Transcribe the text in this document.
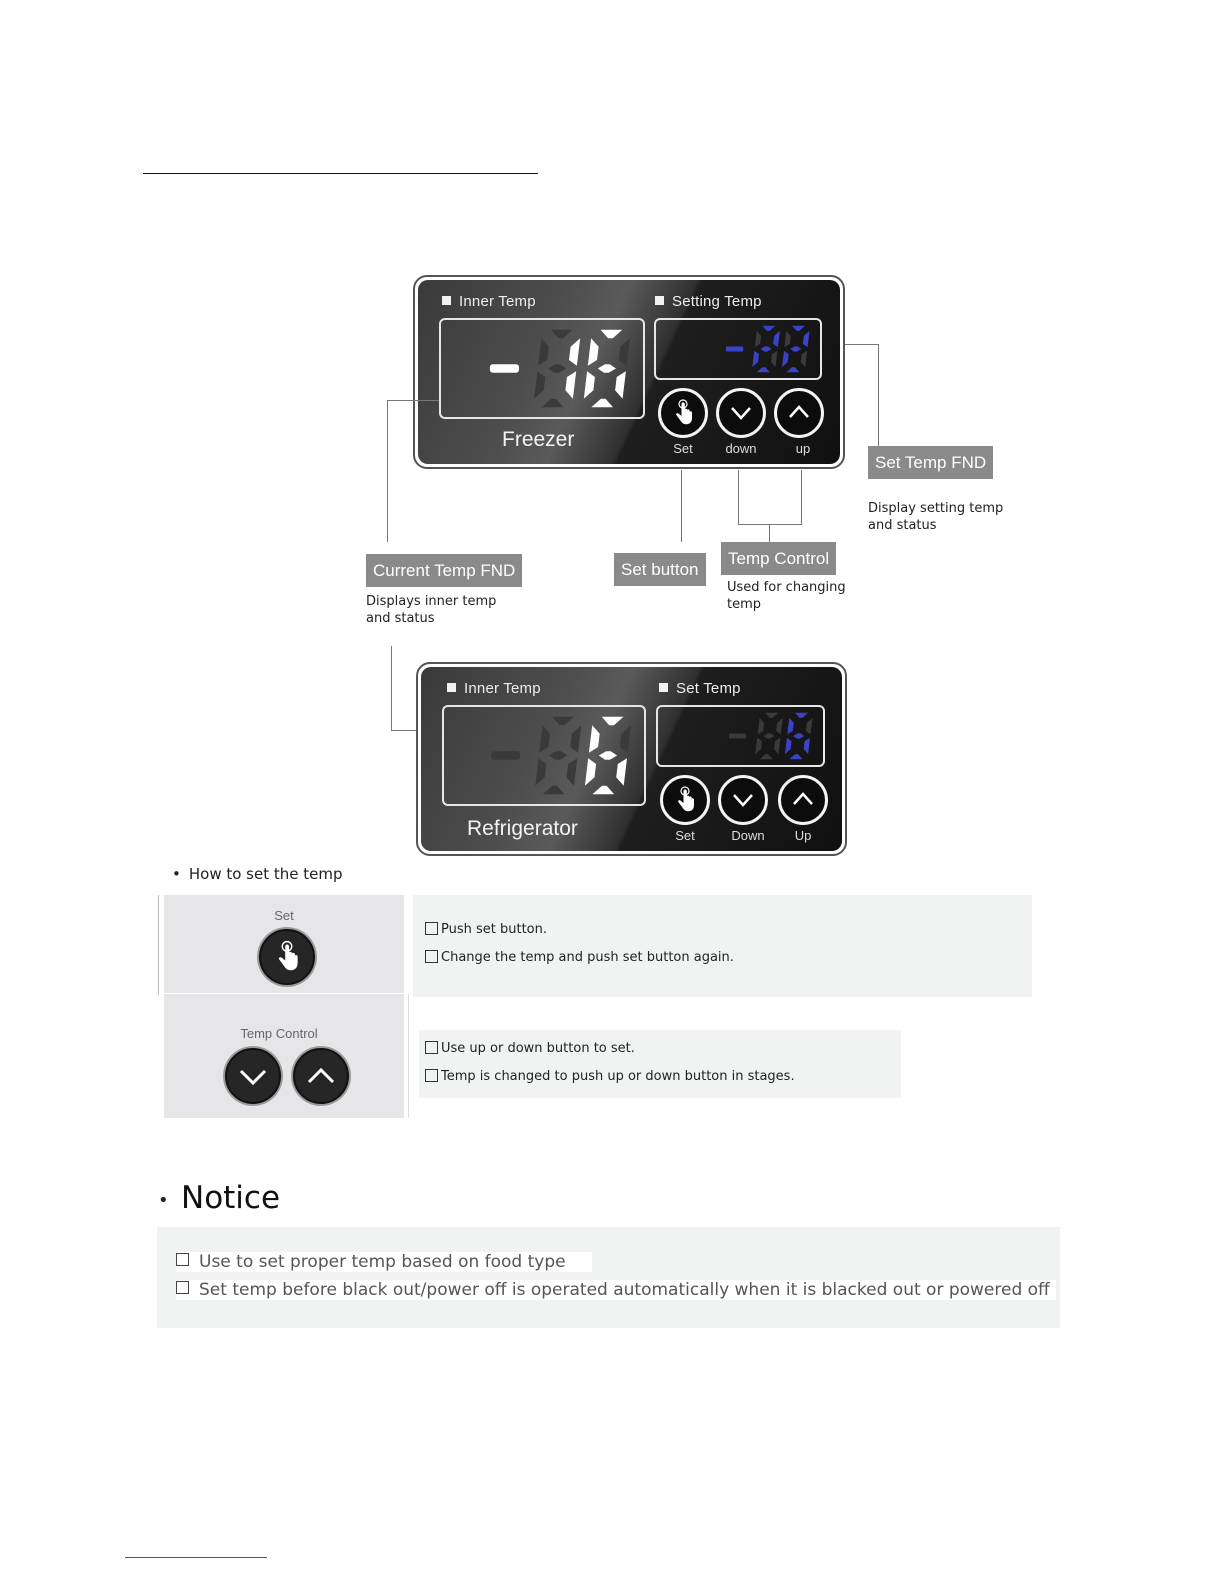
Inner Temp	Setting Temp
Freezer	Set	down	up
Set Temp FND
Display setting temp
and status
Current Temp FND
Displays inner temp
and status
Set button
Temp Control
Used for changing
temp
Inner Temp	Set Temp
Refrigerator	Set	Down	Up
• How to set the temp
Set
Push set button.
Change the temp and push set button again.
Temp Control
Use up or down button to set.
Temp is changed to push up or down button in stages.
• Notice
Use to set proper temp based on food type
Set temp before black out/power off is operated automatically when it is blacked out or powered off
